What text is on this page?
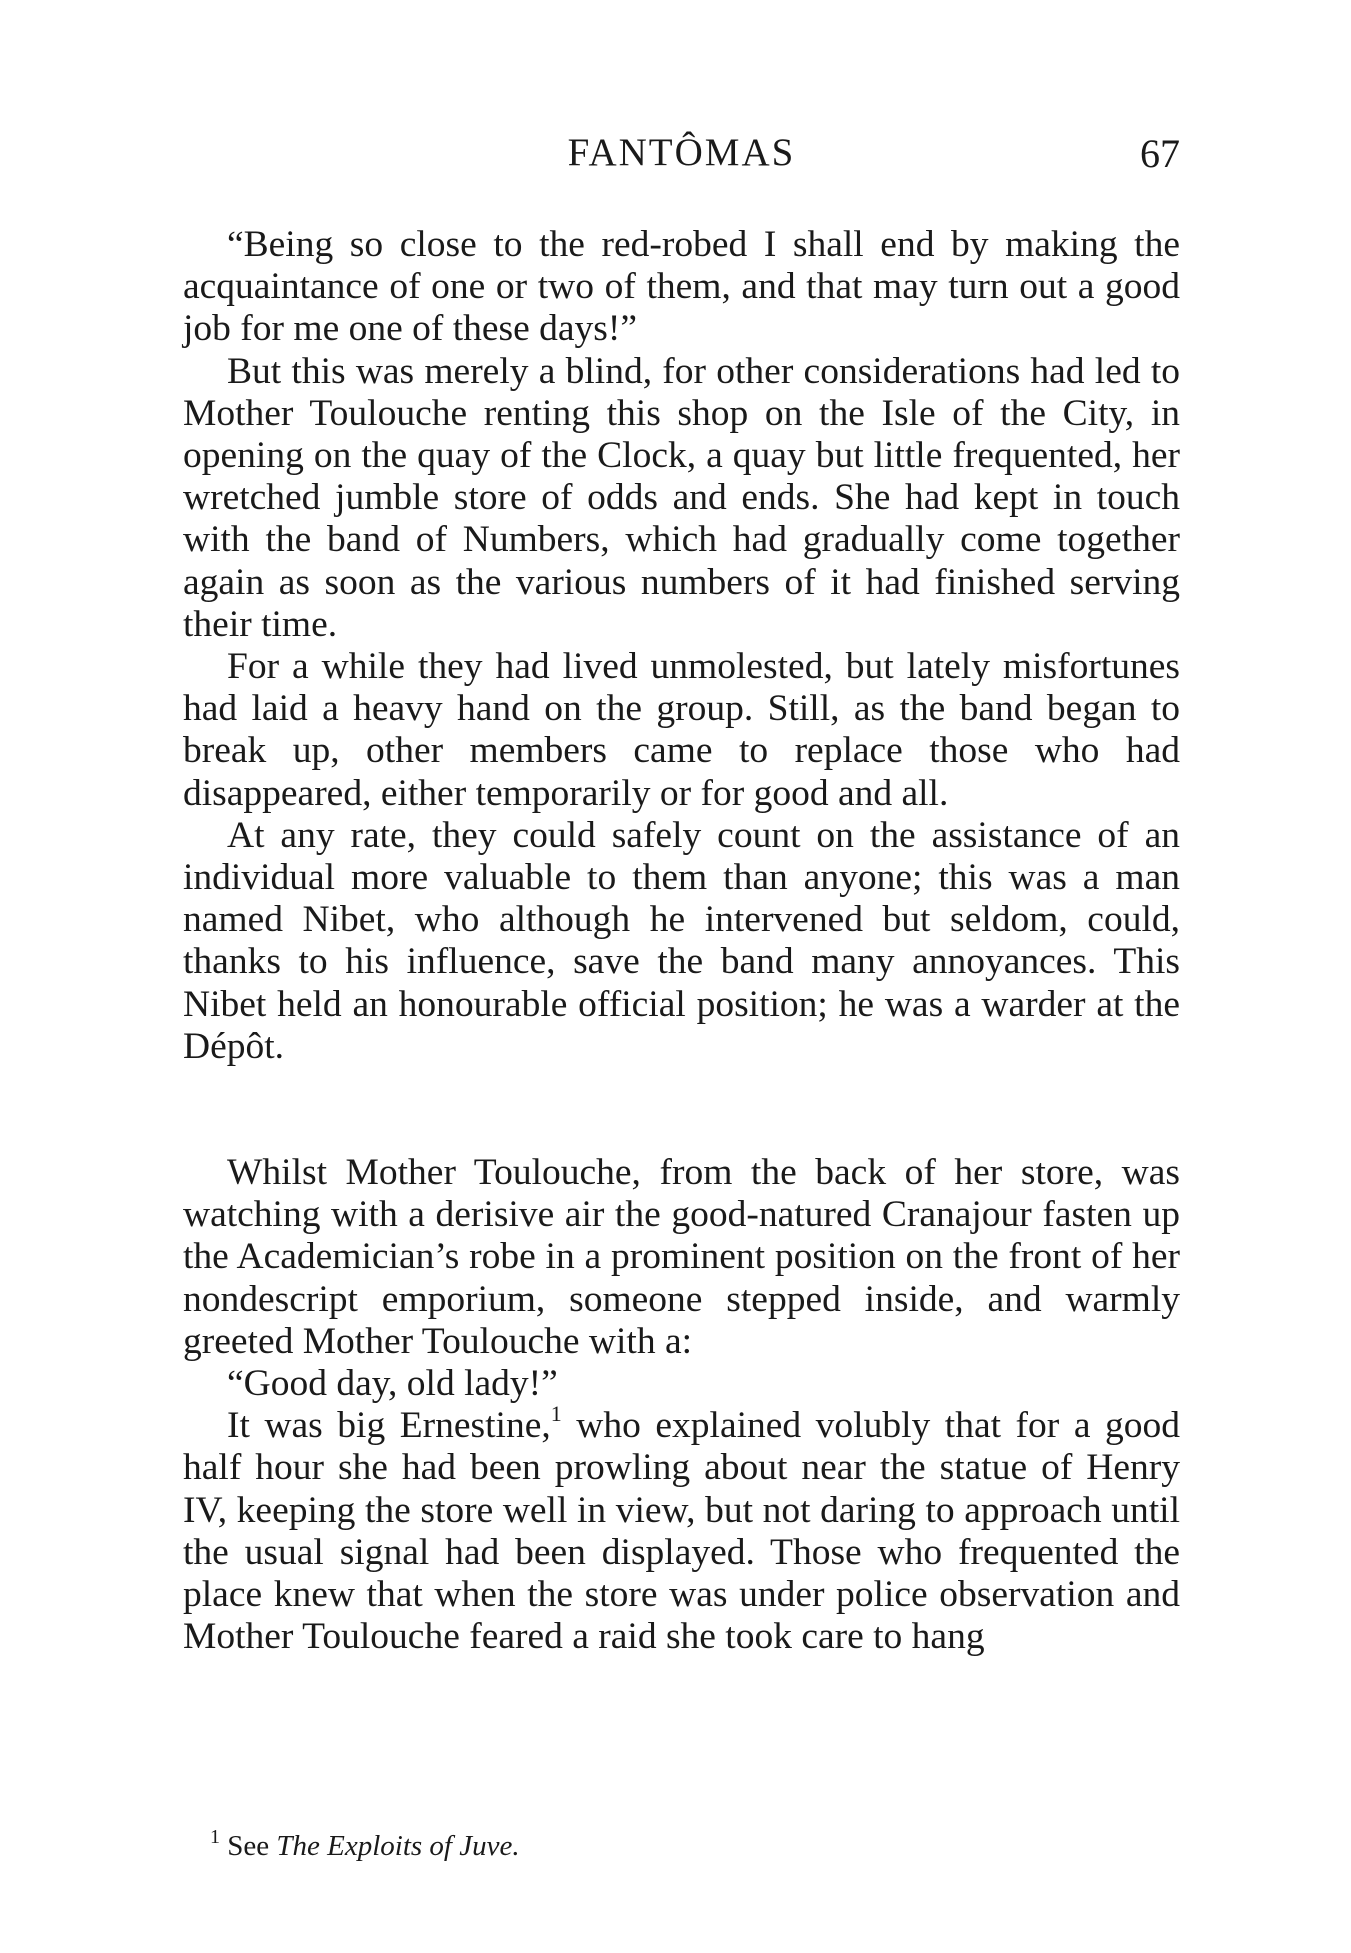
FANTÔMAS	67

“Being so close to the red-robed I shall end by making the acquaintance of one or two of them, and that may turn out a good job for me one of these days!”

But this was merely a blind, for other considerations had led to Mother Toulouche renting this shop on the Isle of the City, in opening on the quay of the Clock, a quay but little frequented, her wretched jumble store of odds and ends. She had kept in touch with the band of Numbers, which had gradually come together again as soon as the various numbers of it had finished serving their time.

For a while they had lived unmolested, but lately misfortunes had laid a heavy hand on the group. Still, as the band began to break up, other members came to replace those who had disappeared, either temporarily or for good and all.

At any rate, they could safely count on the assistance of an individual more valuable to them than anyone; this was a man named Nibet, who although he intervened but seldom, could, thanks to his influence, save the band many annoyances. This Nibet held an honourable official position; he was a warder at the Dépôt.

Whilst Mother Toulouche, from the back of her store, was watching with a derisive air the good-natured Cranajour fasten up the Academician’s robe in a prominent position on the front of her nondescript emporium, someone stepped inside, and warmly greeted Mother Toulouche with a:

“Good day, old lady!”

It was big Ernestine,$^1$ who explained volubly that for a good half hour she had been prowling about near the statue of Henry IV, keeping the store well in view, but not daring to approach until the usual signal had been displayed. Those who frequented the place knew that when the store was under police observation and Mother Toulouche feared a raid she took care to hang

$^1$ See The Exploits of Juve.
